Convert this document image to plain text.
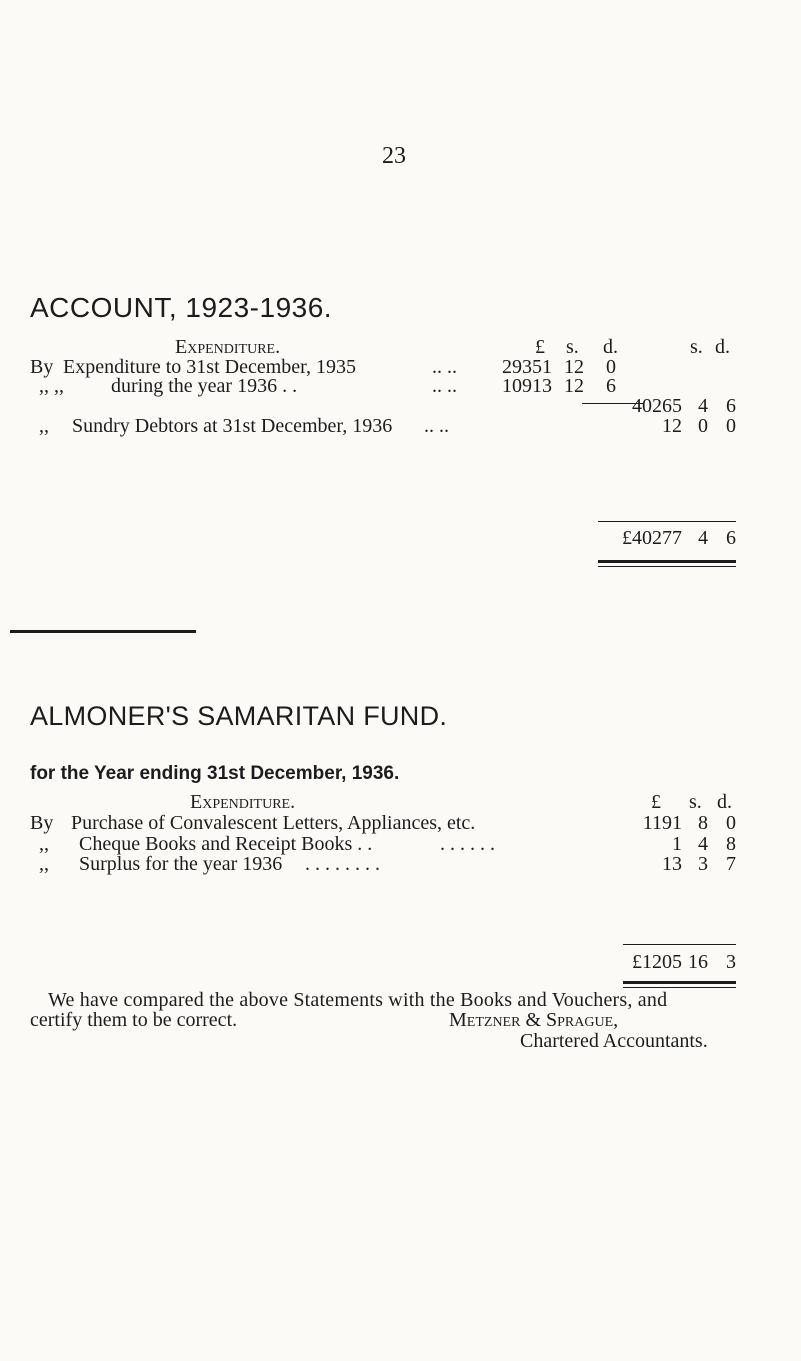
23
ACCOUNT, 1923-1936.
Expenditure.	£ s. d.	s. d.
By Expenditure to 31st December, 1935	.. ..	29351 12	0
,, ,, during the year 1936 . .	.. ..	10913 12	6
40265 4 6
,, Sundry Debtors at 31st December, 1936 .. ..	12 0 0
£40277 4 6
ALMONER'S SAMARITAN FUND.
for the Year ending 31st December, 1936.
Expenditure.	£ s. d.
By Purchase of Convalescent Letters, Appliances, etc.	1191 8 0
,, Cheque Books and Receipt Books . .	. . . . . .	1 4 8
,, Surplus for the year 1936 . . . . . . . .	13 3 7
£1205 16 3
We have compared the above Statements with the Books and Vouchers, and
certify them to be correct.	Metzner & Sprague,
Chartered Accountants.
